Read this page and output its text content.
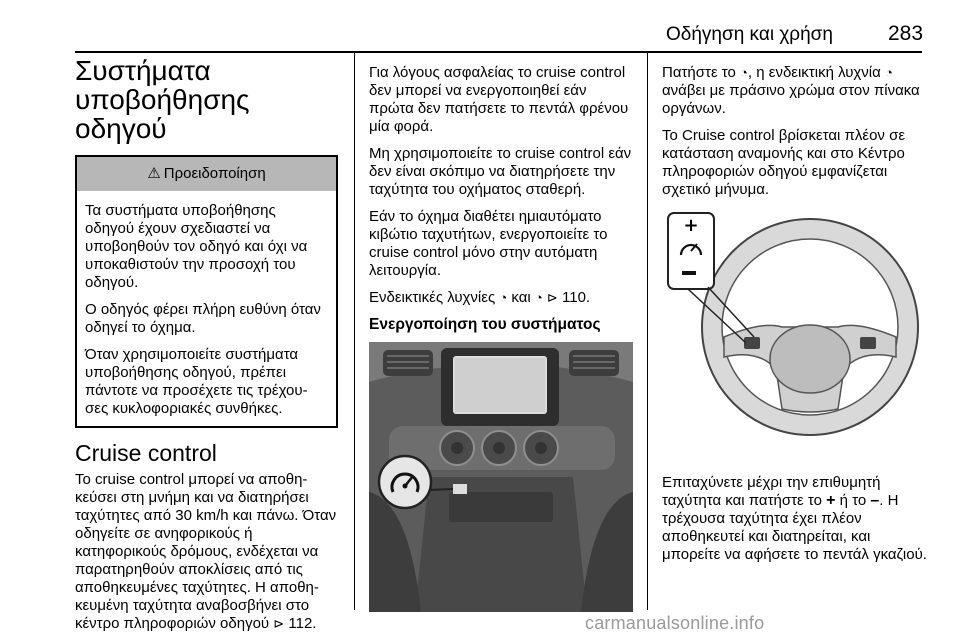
Οδήγηση και χρήση	283
Συστήματα
υποβοήθησης οδηγού
⚠ Προειδοποίηση

Τα συστήματα υποβοήθησης οδηγού έχουν σχεδιαστεί να υποβοηθούν τον οδηγό και όχι να υποκαθιστούν την προσοχή του οδηγού.

Ο οδηγός φέρει πλήρη ευθύνη όταν οδηγεί το όχημα.

Όταν χρησιμοποιείτε συστήματα υποβοήθησης οδηγού, πρέπει πάντοτε να προσέχετε τις τρέχου-σες κυκλοφοριακές συνθήκες.

Cruise control

Το cruise control μπορεί να αποθη-κεύσει στη μνήμη και να διατηρήσει ταχύτητες από 30 km/h και πάνω. Όταν οδηγείτε σε ανηφορικούς ή κατηφορικούς δρόμους, ενδέχεται να παρατηρηθούν αποκλίσεις από τις αποθηκευμένες ταχύτητες. Η αποθη-κευμένη ταχύτητα αναβοσβήνει στο κέντρο πληροφοριών οδηγού ⊳ 112.

Για λόγους ασφαλείας το cruise control δεν μπορεί να ενεργοποιηθεί εάν πρώτα δεν πατήσετε το πεντάλ φρένου μία φορά.

Μη χρησιμοποιείτε το cruise control εάν δεν είναι σκόπιμο να διατηρήσετε την ταχύτητα του οχήματος σταθερή.

Εάν το όχημα διαθέτει ημιαυτόματο κιβώτιο ταχυτήτων, ενεργοποιείτε το cruise control μόνο στην αυτόματη λειτουργία.

Ενδεικτικές λυχνίες ◔ και ◔ ⊳ 110.

Ενεργοποίηση του συστήματος

Πατήστε το ◔, η ενδεικτική λυχνία ◔ ανάβει με πράσινο χρώμα στον πίνακα οργάνων.

Το Cruise control βρίσκεται πλέον σε κατάσταση αναμονής και στο Κέντρο πληροφοριών οδηγού εμφανίζεται σχετικό μήνυμα.

+

Επιταχύνετε μέχρι την επιθυμητή ταχύτητα και πατήστε το + ή το –. Η τρέχουσα ταχύτητα έχει πλέον αποθηκευτεί και διατηρείται, και μπορείτε να αφήσετε το πεντάλ γκαζιού.

carmanualsonline.info
